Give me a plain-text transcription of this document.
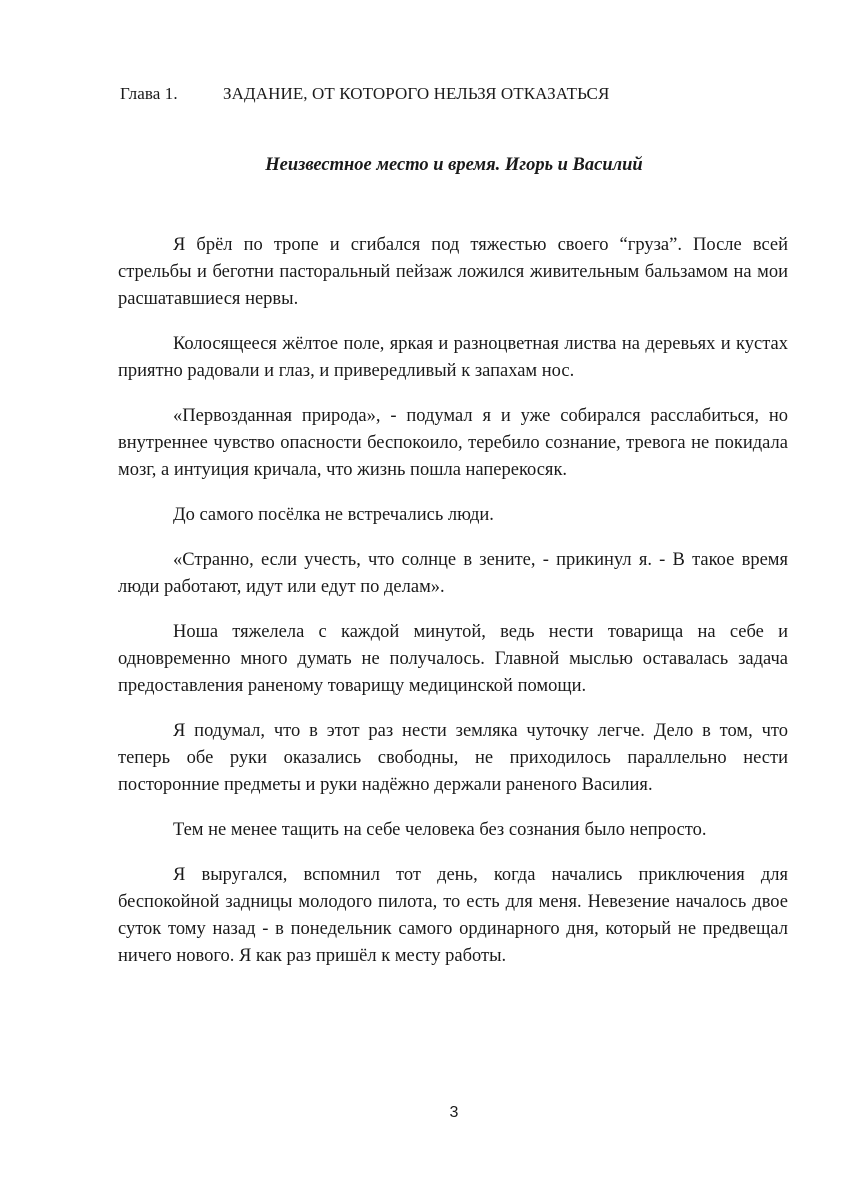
Глава 1.	ЗАДАНИЕ, ОТ КОТОРОГО НЕЛЬЗЯ ОТКАЗАТЬСЯ
Неизвестное место и время. Игорь и Василий

Я брёл по тропе и сгибался под тяжестью своего “груза”. После всей стрельбы и беготни пасторальный пейзаж ложился живительным бальзамом на мои расшатавшиеся нервы.

Колосящееся жёлтое поле, яркая и разноцветная листва на деревьях и кустах приятно радовали и глаз, и привередливый к запахам нос.

«Первозданная природа», - подумал я и уже собирался расслабиться, но внутреннее чувство опасности беспокоило, теребило сознание, тревога не покидала мозг, а интуиция кричала, что жизнь пошла наперекосяк.

До самого посёлка не встречались люди.

«Странно, если учесть, что солнце в зените, - прикинул я. - В такое время люди работают, идут или едут по делам».

Ноша тяжелела с каждой минутой, ведь нести товарища на себе и одновременно много думать не получалось. Главной мыслью оставалась задача предоставления раненому товарищу медицинской помощи.

Я подумал, что в этот раз нести земляка чуточку легче. Дело в том, что теперь обе руки оказались свободны, не приходилось параллельно нести посторонние предметы и руки надёжно держали раненого Василия.

Тем не менее тащить на себе человека без сознания было непросто.

Я выругался, вспомнил тот день, когда начались приключения для беспокойной задницы молодого пилота, то есть для меня. Невезение началось двое суток тому назад - в понедельник самого ординарного дня, который не предвещал ничего нового. Я как раз пришёл к месту работы.

3
